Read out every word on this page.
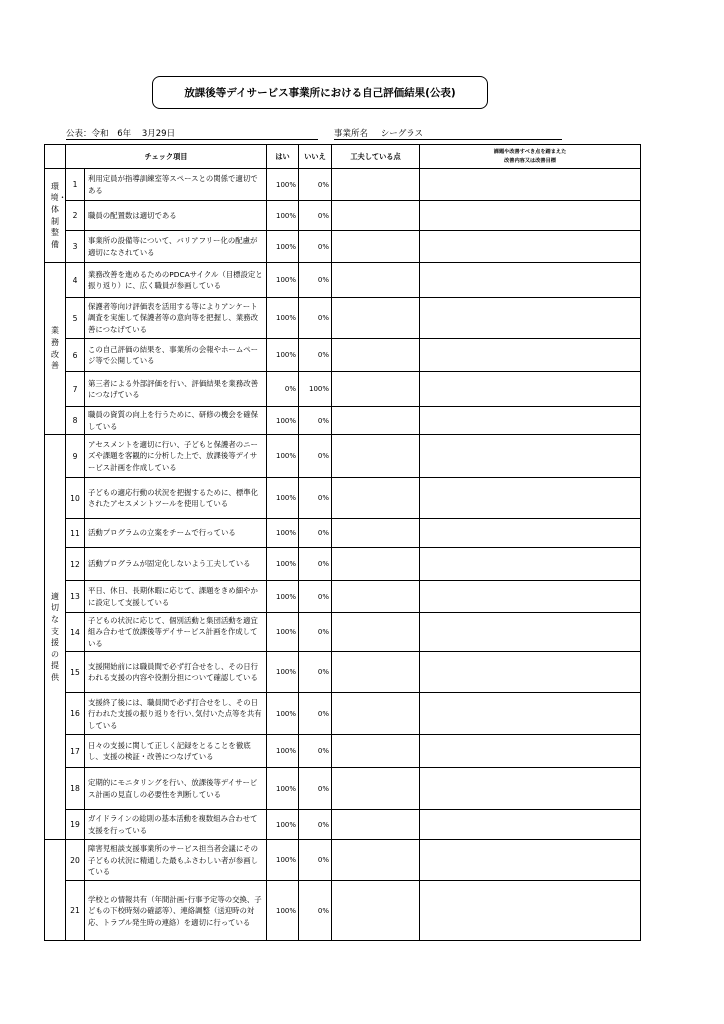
放課後等デイサービス事業所における自己評価結果(公表)
公表：令和 6年 3月29日	事業所名 シーグラス
	チェック項目		はい	いいえ	工夫している点	課題や改善すべき点を踏まえた
改善内容又は改善目標

環境・体制整備	1	利用定員が指導訓練室等スペースとの関係で適切である	100%	0%		
	2	職員の配置数は適切である	100%	0%		
	3	事業所の設備等について、バリアフリー化の配慮が適切になされている	100%	0%		
業務改善	4	業務改善を進めるためのPDCAサイクル（目標設定と振り返り）に、広く職員が参画している	100%	0%		
	5	保護者等向け評価表を活用する等によりアンケート調査を実施して保護者等の意向等を把握し、業務改善につなげている	100%	0%		
	6	この自己評価の結果を、事業所の会報やホームページ等で公開している	100%	0%		
	7	第三者による外部評価を行い、評価結果を業務改善につなげている	0%	100%		
	8	職員の資質の向上を行うために、研修の機会を確保している	100%	0%		
適切な支援の提供	9	アセスメントを適切に行い、子どもと保護者のニーズや課題を客観的に分析した上で、放課後等デイサービス計画を作成している	100%	0%		
	10	子どもの適応行動の状況を把握するために、標準化されたアセスメントツールを使用している	100%	0%		
	11	活動プログラムの立案をチームで行っている	100%	0%		
	12	活動プログラムが固定化しないよう工夫している	100%	0%		
	13	平日、休日、長期休暇に応じて、課題をきめ細やかに設定して支援している	100%	0%		
	14	子どもの状況に応じて、個別活動と集団活動を適宜組み合わせて放課後等デイサービス計画を作成している	100%	0%		
	15	支援開始前には職員間で必ず打合せをし、その日行われる支援の内容や役割分担について確認している	100%	0%		
	16	支援終了後には、職員間で必ず打合せをし、その日行われた支援の振り返りを行い､気付いた点等を共有している	100%	0%		
	17	日々の支援に関して正しく記録をとることを徹底し、支援の検証・改善につなげている	100%	0%		
	18	定期的にモニタリングを行い、放課後等デイサービス計画の見直しの必要性を判断している	100%	0%		
	19	ガイドラインの総則の基本活動を複数組み合わせて支援を行っている	100%	0%		
	20	障害児相談支援事業所のサービス担当者会議にその子どもの状況に精通した最もふさわしい者が参画している	100%	0%		
	21	学校との情報共有（年間計画･行事予定等の交換、子どもの下校時刻の確認等）、連絡調整（送迎時の対応、トラブル発生時の連絡）を適切に行っている	100%	0%		
